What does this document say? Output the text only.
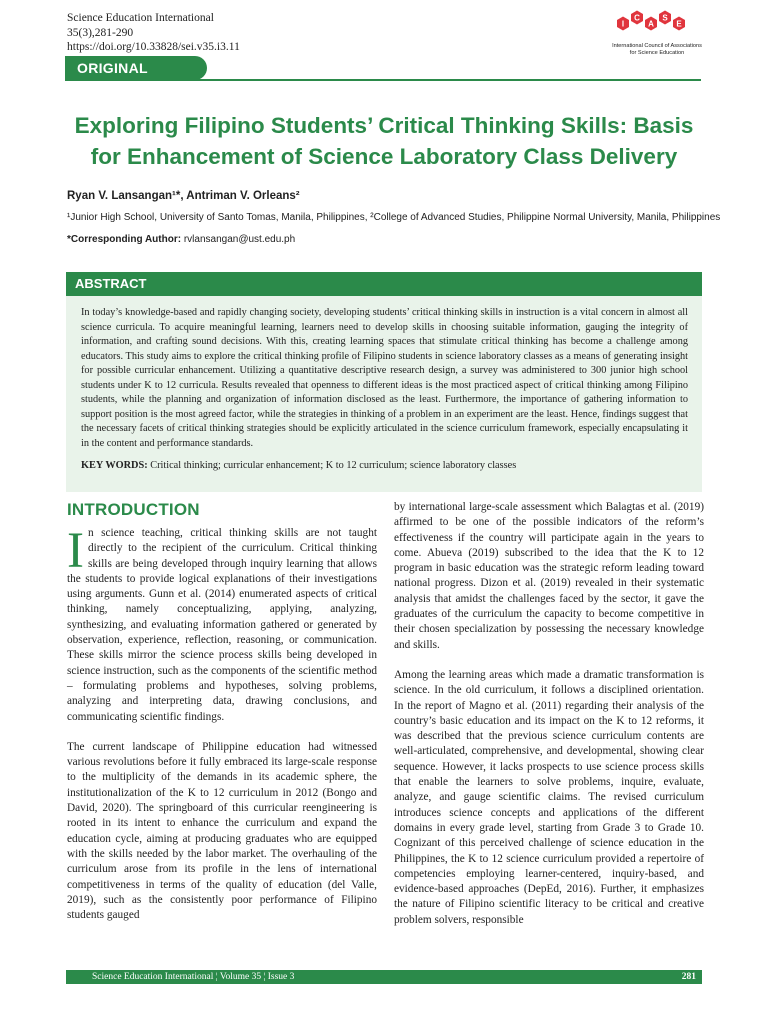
Science Education International
35(3),281-290
https://doi.org/10.33828/sei.v35.i3.11
I
C
A
S
E
International Council of Associations for Science Education
ORIGINAL ARTICLE
Exploring Filipino Students’ Critical Thinking Skills: Basis for Enhancement of Science Laboratory Class Delivery
Ryan V. Lansangan¹*, Antriman V. Orleans²
¹Junior High School, University of Santo Tomas, Manila, Philippines, ²College of Advanced Studies, Philippine Normal University, Manila, Philippines
*Corresponding Author: rvlansangan@ust.edu.ph
ABSTRACT

In today’s knowledge-based and rapidly changing society, developing students’ critical thinking skills in instruction is a vital concern in almost all science curricula. To acquire meaningful learning, learners need to develop skills in choosing suitable information, gauging the integrity of information, and crafting sound decisions. With this, creating learning spaces that stimulate critical thinking has become a challenge among educators. This study aims to explore the critical thinking profile of Filipino students in science laboratory classes as a means of generating insight for possible curricular enhancement. Utilizing a quantitative descriptive research design, a survey was administered to 300 junior high school students under K to 12 curricula. Results revealed that openness to different ideas is the most practiced aspect of critical thinking among Filipino students, while the planning and organization of information disclosed as the least. Furthermore, the importance of gathering information to support position is the most agreed factor, while the strategies in thinking of a problem in an experiment are the least. Hence, findings suggest that the necessary facets of critical thinking strategies should be explicitly articulated in the science curriculum framework, especially encapsulating it in the content and performance standards.

KEY WORDS: Critical thinking; curricular enhancement; K to 12 curriculum; science laboratory classes

INTRODUCTION

In science teaching, critical thinking skills are not taught directly to the recipient of the curriculum. Critical thinking skills are being developed through inquiry learning that allows the students to provide logical explanations of their investigations using arguments. Gunn et al. (2014) enumerated aspects of critical thinking, namely conceptualizing, applying, analyzing, synthesizing, and evaluating information gathered or generated by observation, experience, reflection, reasoning, or communication. These skills mirror the science process skills being developed in science instruction, such as the components of the scientific method – formulating problems and hypotheses, solving problems, analyzing and interpreting data, drawing conclusions, and communicating scientific findings.

The current landscape of Philippine education had witnessed various revolutions before it fully embraced its large-scale response to the multiplicity of the demands in its academic sphere, the institutionalization of the K to 12 curriculum in 2012 (Bongo and David, 2020). The springboard of this curricular reengineering is rooted in its intent to enhance the curriculum and expand the education cycle, aiming at producing graduates who are equipped with the skills needed by the labor market. The overhauling of the curriculum arose from its profile in the lens of international competitiveness in terms of the quality of education (del Valle, 2019), such as the consistently poor performance of Filipino students gauged

by international large-scale assessment which Balagtas et al. (2019) affirmed to be one of the possible indicators of the reform’s effectiveness if the country will participate again in the years to come. Abueva (2019) subscribed to the idea that the K to 12 program in basic education was the strategic reform leading toward national progress. Dizon et al. (2019) revealed in their systematic analysis that amidst the challenges faced by the sector, it gave the graduates of the curriculum the capacity to become competitive in their chosen specialization by possessing the necessary knowledge and skills.

Among the learning areas which made a dramatic transformation is science. In the old curriculum, it follows a disciplined orientation. In the report of Magno et al. (2011) regarding their analysis of the country’s basic education and its impact on the K to 12 reforms, it was described that the previous science curriculum contents are well-articulated, comprehensive, and developmental, showing clear sequence. However, it lacks prospects to use science process skills that enable the learners to solve problems, inquire, evaluate, analyze, and gauge scientific claims. The revised curriculum introduces science concepts and applications of the different domains in every grade level, starting from Grade 3 to Grade 10. Cognizant of this perceived challenge of science education in the Philippines, the K to 12 science curriculum provided a repertoire of competencies employing learner-centered, inquiry-based, and evidence-based approaches (DepEd, 2016). Further, it emphasizes the nature of Filipino scientific literacy to be critical and creative problem solvers, responsible

Science Education International ¦ Volume 35 ¦ Issue 3	281
